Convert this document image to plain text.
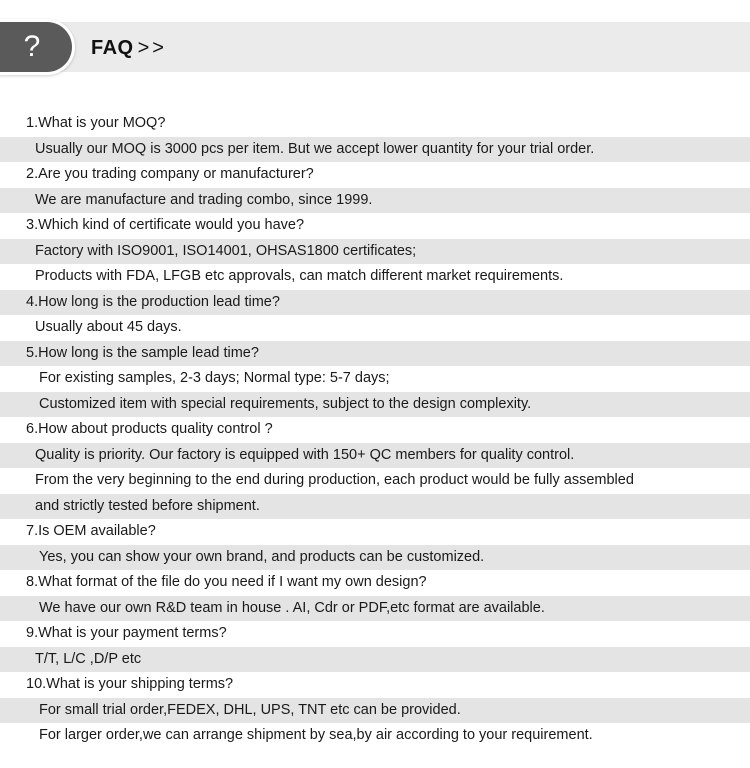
?	FAQ >>
1.What is your MOQ?
Usually our MOQ is 3000 pcs per item. But we accept lower quantity for your trial order.
2.Are you trading company or manufacturer?
We are manufacture and trading combo, since 1999.
3.Which kind of certificate would you have?
Factory with ISO9001, ISO14001, OHSAS1800 certificates;
Products with FDA, LFGB etc approvals, can match different market requirements.
4.How long is the production lead time?
Usually about 45 days.
5.How long is the sample lead time?
For existing samples, 2-3 days; Normal type: 5-7 days;
Customized item with special requirements, subject to the design complexity.
6.How about products quality control ?
Quality is priority. Our factory is equipped with 150+ QC members for quality control.
From the very beginning to the end during production, each product would be fully assembled
and strictly tested before shipment.
7.Is OEM available?
Yes, you can show your own brand, and products can be customized.
8.What format of the file do you need if I want my own design?
We have our own R&D team in house . AI, Cdr or PDF,etc format are available.
9.What is your payment terms?
T/T, L/C ,D/P etc
10.What is your shipping terms?
For small trial order,FEDEX, DHL, UPS, TNT etc can be provided.
For larger order,we can arrange shipment by sea,by air according to your requirement.
